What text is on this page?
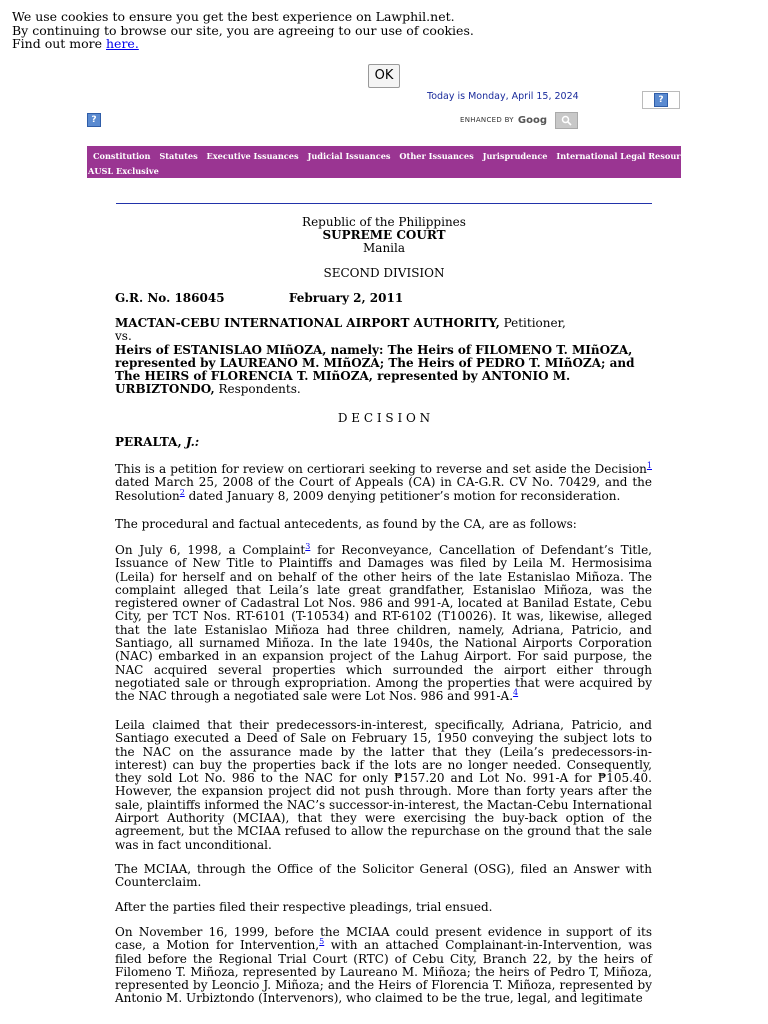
We use cookies to ensure you get the best experience on Lawphil.net.
By continuing to browse our site, you are agreeing to our use of cookies.
Find out more here.
OK
Today is Monday, April 15, 2024	?
?	ENHANCED BY Goog
Constitution Statutes Executive Issuances Judicial Issuances Other Issuances Jurisprudence International Legal Resources
AUSL Exclusive
Republic of the Philippines
SUPREME COURT
Manila
SECOND DIVISION
G.R. No. 186045	February 2, 2011
MACTAN-CEBU INTERNATIONAL AIRPORT AUTHORITY, Petitioner,
vs.
Heirs of ESTANISLAO MIñOZA, namely: The Heirs of FILOMENO T. MIñOZA, represented by LAUREANO M. MIñOZA; The Heirs of PEDRO T. MIñOZA; and The HEIRS of FLORENCIA T. MIñOZA, represented by ANTONIO M. URBIZTONDO, Respondents.
D E C I S I O N
PERALTA, J.:
This is a petition for review on certiorari seeking to reverse and set aside the Decision$^1$ dated March 25, 2008 of the Court of Appeals (CA) in CA-G.R. CV No. 70429, and the Resolution$^2$ dated January 8, 2009 denying petitioner’s motion for reconsideration.
The procedural and factual antecedents, as found by the CA, are as follows:
On July 6, 1998, a Complaint$^3$ for Reconveyance, Cancellation of Defendant’s Title, Issuance of New Title to Plaintiffs and Damages was filed by Leila M. Hermosisima (Leila) for herself and on behalf of the other heirs of the late Estanislao Miñoza. The complaint alleged that Leila’s late great grandfather, Estanislao Miñoza, was the registered owner of Cadastral Lot Nos. 986 and 991-A, located at Banilad Estate, Cebu City, per TCT Nos. RT-6101 (T-10534) and RT-6102 (T10026). It was, likewise, alleged that the late Estanislao Miñoza had three children, namely, Adriana, Patricio, and Santiago, all surnamed Miñoza. In the late 1940s, the National Airports Corporation (NAC) embarked in an expansion project of the Lahug Airport. For said purpose, the NAC acquired several properties which surrounded the airport either through negotiated sale or through expropriation. Among the properties that were acquired by the NAC through a negotiated sale were Lot Nos. 986 and 991-A.$^4$
Leila claimed that their predecessors-in-interest, specifically, Adriana, Patricio, and Santiago executed a Deed of Sale on February 15, 1950 conveying the subject lots to the NAC on the assurance made by the latter that they (Leila’s predecessors-in-interest) can buy the properties back if the lots are no longer needed. Consequently, they sold Lot No. 986 to the NAC for only ₱157.20 and Lot No. 991-A for ₱105.40. However, the expansion project did not push through. More than forty years after the sale, plaintiffs informed the NAC’s successor-in-interest, the Mactan-Cebu International Airport Authority (MCIAA), that they were exercising the buy-back option of the agreement, but the MCIAA refused to allow the repurchase on the ground that the sale was in fact unconditional.
The MCIAA, through the Office of the Solicitor General (OSG), filed an Answer with Counterclaim.
After the parties filed their respective pleadings, trial ensued.
On November 16, 1999, before the MCIAA could present evidence in support of its case, a Motion for Intervention,$^5$ with an attached Complainant-in-Intervention, was filed before the Regional Trial Court (RTC) of Cebu City, Branch 22, by the heirs of Filomeno T. Miñoza, represented by Laureano M. Miñoza; the heirs of Pedro T, Miñoza, represented by Leoncio J. Miñoza; and the Heirs of Florencia T. Miñoza, represented by Antonio M. Urbiztondo (Intervenors), who claimed to be the true, legal, and legitimate
